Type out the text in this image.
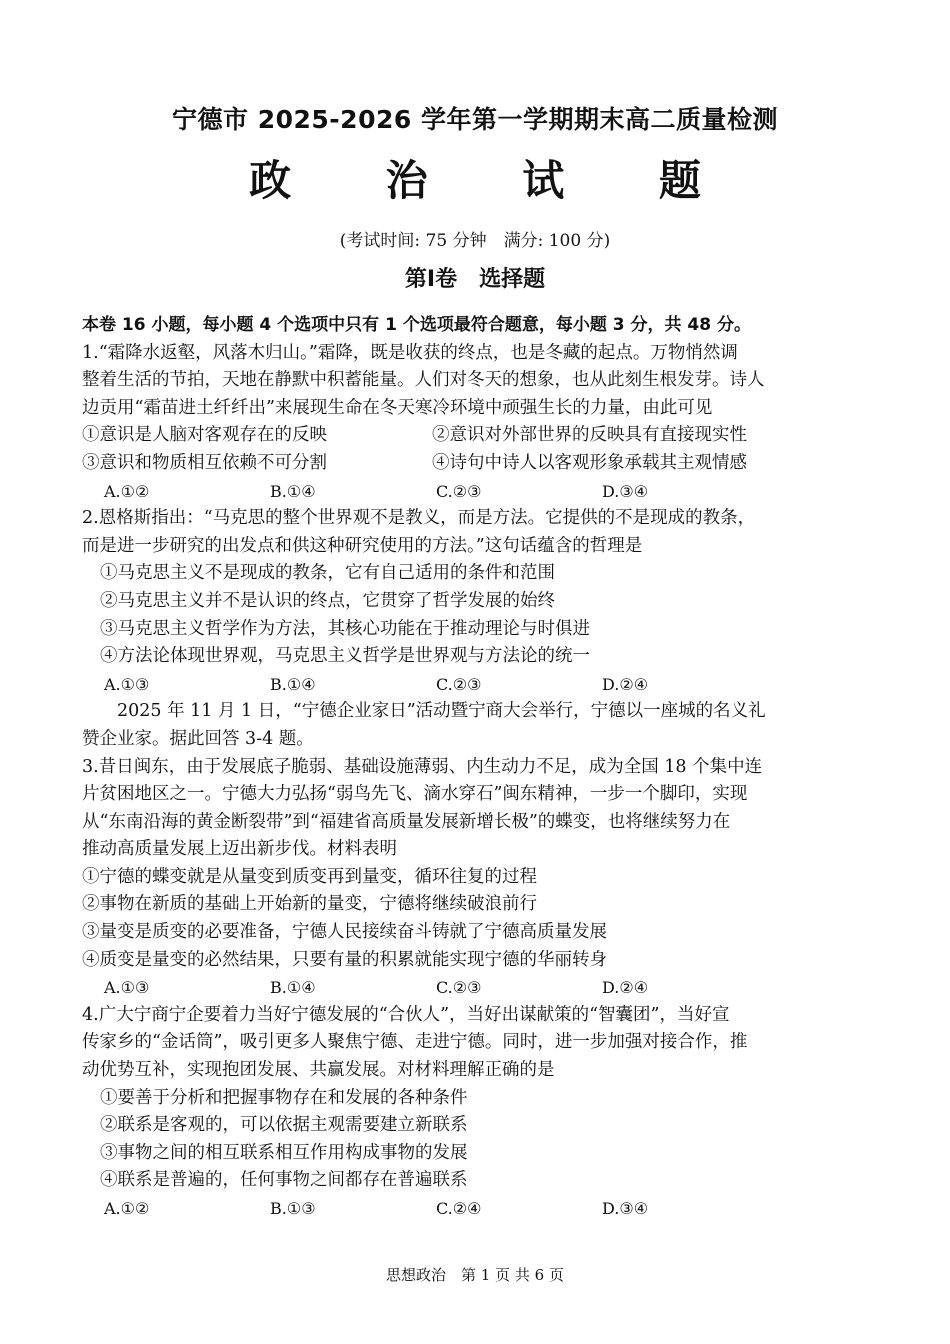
宁德市 2025-2026 学年第一学期期末高二质量检测
政 治 试 题
(考试时间: 75 分钟　满分: 100 分)
第Ⅰ卷　选择题
本卷 16 小题，每小题 4 个选项中只有 1 个选项最符合题意，每小题 3 分，共 48 分。
1.“霜降水返壑，风落木归山。”霜降，既是收获的终点，也是冬藏的起点。万物悄然调
整着生活的节拍，天地在静默中积蓄能量。人们对冬天的想象，也从此刻生根发芽。诗人
边贡用“霜苗进土纤纤出”来展现生命在冬天寒冷环境中顽强生长的力量，由此可见
①意识是人脑对客观存在的反映	②意识对外部世界的反映具有直接现实性
③意识和物质相互依赖不可分割	④诗句中诗人以客观形象承载其主观情感
A.①②	B.①④	C.②③	D.③④
2.恩格斯指出：“马克思的整个世界观不是教义，而是方法。它提供的不是现成的教条，
而是进一步研究的出发点和供这种研究使用的方法。”这句话蕴含的哲理是
①马克思主义不是现成的教条，它有自己适用的条件和范围
②马克思主义并不是认识的终点，它贯穿了哲学发展的始终
③马克思主义哲学作为方法，其核心功能在于推动理论与时俱进
④方法论体现世界观，马克思主义哲学是世界观与方法论的统一
A.①③	B.①④	C.②③	D.②④
2025 年 11 月 1 日，“宁德企业家日”活动暨宁商大会举行，宁德以一座城的名义礼
赞企业家。据此回答 3-4 题。
3.昔日闽东，由于发展底子脆弱、基础设施薄弱、内生动力不足，成为全国 18 个集中连
片贫困地区之一。宁德大力弘扬“弱鸟先飞、滴水穿石”闽东精神，一步一个脚印，实现
从“东南沿海的黄金断裂带”到“福建省高质量发展新增长极”的蝶变，也将继续努力在
推动高质量发展上迈出新步伐。材料表明
①宁德的蝶变就是从量变到质变再到量变，循环往复的过程
②事物在新质的基础上开始新的量变，宁德将继续破浪前行
③量变是质变的必要准备，宁德人民接续奋斗铸就了宁德高质量发展
④质变是量变的必然结果，只要有量的积累就能实现宁德的华丽转身
A.①③	B.①④	C.②③	D.②④
4.广大宁商宁企要着力当好宁德发展的“合伙人”，当好出谋献策的“智囊团”，当好宣
传家乡的“金话筒”，吸引更多人聚焦宁德、走进宁德。同时，进一步加强对接合作，推
动优势互补，实现抱团发展、共赢发展。对材料理解正确的是
①要善于分析和把握事物存在和发展的各种条件
②联系是客观的，可以依据主观需要建立新联系
③事物之间的相互联系相互作用构成事物的发展
④联系是普遍的，任何事物之间都存在普遍联系
A.①②	B.①③	C.②④	D.③④
思想政治　第 1 页 共 6 页
